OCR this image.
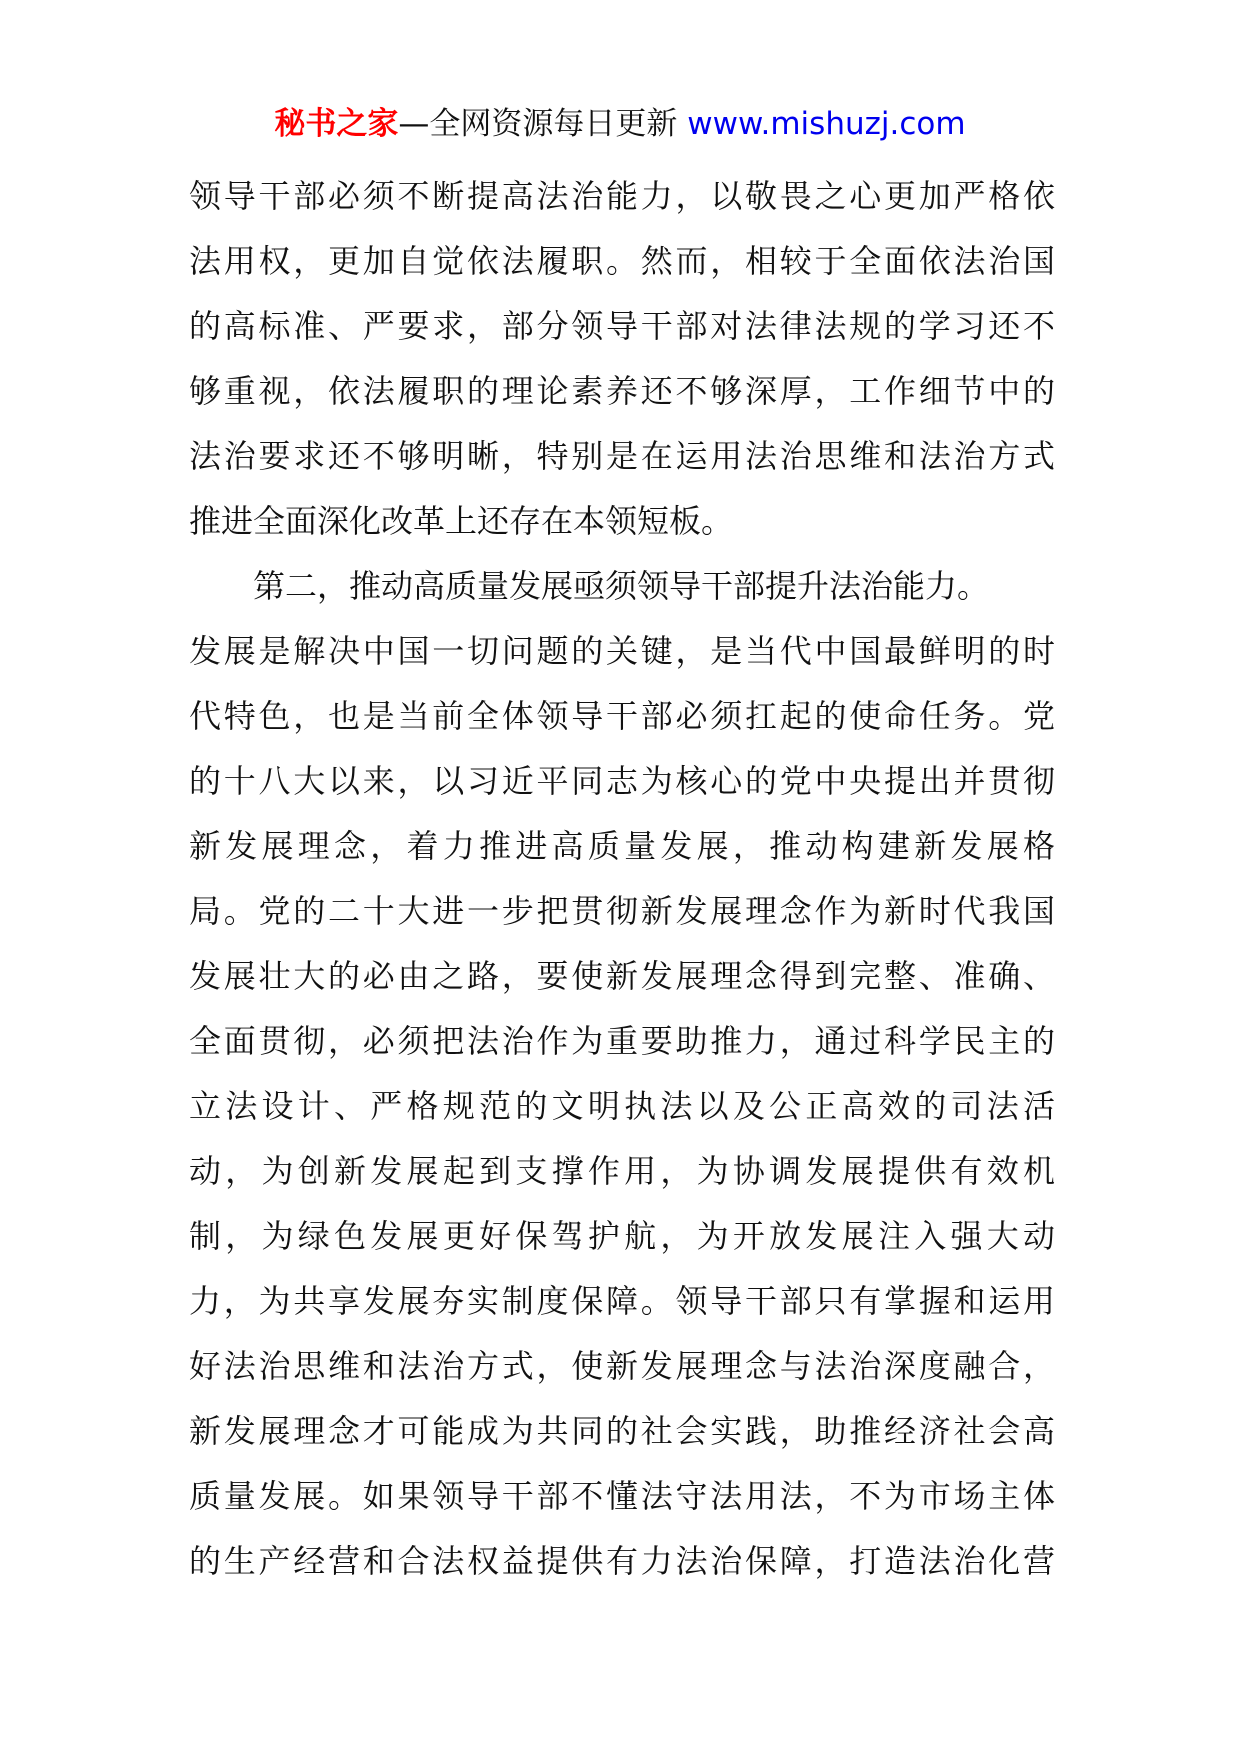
秘书之家—全网资源每日更新 www.mishuzj.com
领导干部必须不断提高法治能力，以敬畏之心更加严格依
法用权，更加自觉依法履职。然而，相较于全面依法治国
的高标准、严要求，部分领导干部对法律法规的学习还不
够重视，依法履职的理论素养还不够深厚，工作细节中的
法治要求还不够明晰，特别是在运用法治思维和法治方式
推进全面深化改革上还存在本领短板。
第二，推动高质量发展亟须领导干部提升法治能力。
发展是解决中国一切问题的关键，是当代中国最鲜明的时
代特色，也是当前全体领导干部必须扛起的使命任务。党
的十八大以来，以习近平同志为核心的党中央提出并贯彻
新发展理念，着力推进高质量发展，推动构建新发展格
局。党的二十大进一步把贯彻新发展理念作为新时代我国
发展壮大的必由之路，要使新发展理念得到完整、准确、
全面贯彻，必须把法治作为重要助推力，通过科学民主的
立法设计、严格规范的文明执法以及公正高效的司法活
动，为创新发展起到支撑作用，为协调发展提供有效机
制，为绿色发展更好保驾护航，为开放发展注入强大动
力，为共享发展夯实制度保障。领导干部只有掌握和运用
好法治思维和法治方式，使新发展理念与法治深度融合，
新发展理念才可能成为共同的社会实践，助推经济社会高
质量发展。如果领导干部不懂法守法用法，不为市场主体
的生产经营和合法权益提供有力法治保障，打造法治化营
